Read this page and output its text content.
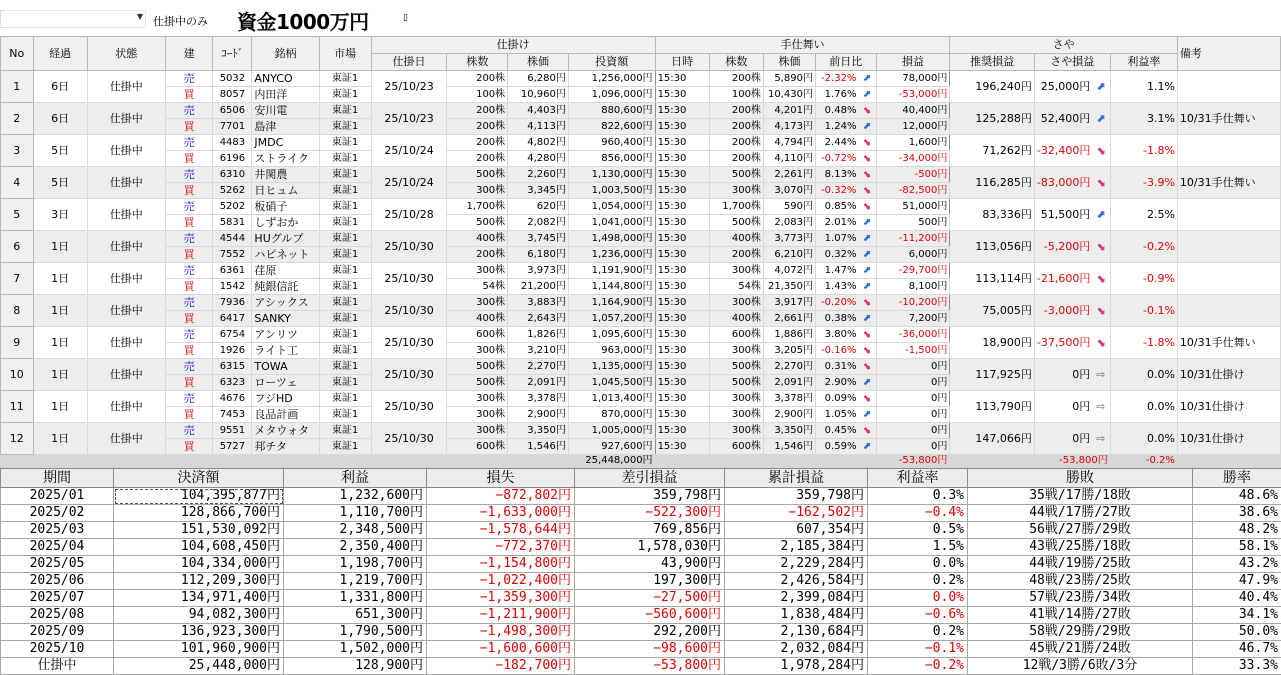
▼ 仕掛中のみ 資金1000万円	▯
No	経過	状態	建	ｺｰﾄﾞ	銘柄	市場	仕掛け				手仕舞い					さや			備考
							仕掛日	株数	株価	投資額	日時	株数	株価	前日比	損益	推奨損益	さや損益	利益率	
1	6日	仕掛中	売	5032	ANYCO	東証1	25/10/23	200株	6,280円	1,256,000円	15:30	200株	5,890円	-2.32% ⬈	78,000円	196,240円	25,000円 ⬈	1.1%	
			買	8057	内田洋	東証1		100株	10,960円	1,096,000円	15:30	100株	10,430円	1.76% ⬈	-53,000円				
2	6日	仕掛中	売	6506	安川電	東証1	25/10/23	200株	4,403円	880,600円	15:30	200株	4,201円	0.48% ⬊	40,400円	125,288円	52,400円 ⬈	3.1%	10/31手仕舞い
			買	7701	島津	東証1		200株	4,113円	822,600円	15:30	200株	4,173円	1.24% ⬈	12,000円				
3	5日	仕掛中	売	4483	JMDC	東証1	25/10/24	200株	4,802円	960,400円	15:30	200株	4,794円	2.44% ⬊	1,600円	71,262円	-32,400円 ⬊	-1.8%	
			買	6196	ストライク	東証1		200株	4,280円	856,000円	15:30	200株	4,110円	-0.72% ⬊	-34,000円				
4	5日	仕掛中	売	6310	井関農	東証1	25/10/24	500株	2,260円	1,130,000円	15:30	500株	2,261円	8.13% ⬊	-500円	116,285円	-83,000円 ⬊	-3.9%	10/31手仕舞い
			買	5262	日ヒュム	東証1		300株	3,345円	1,003,500円	15:30	300株	3,070円	-0.32% ⬊	-82,500円				
5	3日	仕掛中	売	5202	板硝子	東証1	25/10/28	1,700株	620円	1,054,000円	15:30	1,700株	590円	0.85% ⬊	51,000円	83,336円	51,500円 ⬈	2.5%	
			買	5831	しずおか	東証1		500株	2,082円	1,041,000円	15:30	500株	2,083円	2.01% ⬈	500円				
6	1日	仕掛中	売	4544	HUグルプ	東証1	25/10/30	400株	3,745円	1,498,000円	15:30	400株	3,773円	1.07% ⬈	-11,200円	113,056円	-5,200円 ⬊	-0.2%	
			買	7552	ハピネット	東証1		200株	6,180円	1,236,000円	15:30	200株	6,210円	0.32% ⬈	6,000円				
7	1日	仕掛中	売	6361	荏原	東証1	25/10/30	300株	3,973円	1,191,900円	15:30	300株	4,072円	1.47% ⬈	-29,700円	113,114円	-21,600円 ⬊	-0.9%	
			買	1542	純銀信託	東証1		54株	21,200円	1,144,800円	15:30	54株	21,350円	1.43% ⬈	8,100円				
8	1日	仕掛中	売	7936	アシックス	東証1	25/10/30	300株	3,883円	1,164,900円	15:30	300株	3,917円	-0.20% ⬊	-10,200円	75,005円	-3,000円 ⬊	-0.1%	
			買	6417	SANKY	東証1		400株	2,643円	1,057,200円	15:30	400株	2,661円	0.38% ⬈	7,200円				
9	1日	仕掛中	売	6754	アンリツ	東証1	25/10/30	600株	1,826円	1,095,600円	15:30	600株	1,886円	3.80% ⬊	-36,000円	18,900円	-37,500円 ⬊	-1.8%	10/31手仕舞い
			買	1926	ライト工	東証1		300株	3,210円	963,000円	15:30	300株	3,205円	-0.16% ⬊	-1,500円				
10	1日	仕掛中	売	6315	TOWA	東証1	25/10/30	500株	2,270円	1,135,000円	15:30	500株	2,270円	0.31% ⬊	0円	117,925円	0円 ⇨	0.0%	10/31仕掛け
			買	6323	ローツェ	東証1		500株	2,091円	1,045,500円	15:30	500株	2,091円	2.90% ⬈	0円				
11	1日	仕掛中	売	4676	フジHD	東証1	25/10/30	300株	3,378円	1,013,400円	15:30	300株	3,378円	0.09% ⬊	0円	113,790円	0円 ⇨	0.0%	10/31仕掛け
			買	7453	良品計画	東証1		300株	2,900円	870,000円	15:30	300株	2,900円	1.05% ⬈	0円				
12	1日	仕掛中	売	9551	メタウォタ	東証1	25/10/30	300株	3,350円	1,005,000円	15:30	300株	3,350円	0.45% ⬊	0円	147,066円	0円 ⇨	0.0%	10/31仕掛け
			買	5727	邦チタ	東証1		600株	1,546円	927,600円	15:30	600株	1,546円	0.59% ⬈	0円				
										25,448,000円					-53,800円		-53,800円	-0.2%	
期間	決済額	利益	損失	差引損益	累計損益	利益率	勝敗	勝率
2025/01	104,395,877円	1,232,600円	−872,802円	359,798円	359,798円	0.3%	35戦/17勝/18敗	48.6%
2025/02	128,866,700円	1,110,700円	−1,633,000円	−522,300円	−162,502円	−0.4%	44戦/17勝/27敗	38.6%
2025/03	151,530,092円	2,348,500円	−1,578,644円	769,856円	607,354円	0.5%	56戦/27勝/29敗	48.2%
2025/04	104,608,450円	2,350,400円	−772,370円	1,578,030円	2,185,384円	1.5%	43戦/25勝/18敗	58.1%
2025/05	104,334,000円	1,198,700円	−1,154,800円	43,900円	2,229,284円	0.0%	44戦/19勝/25敗	43.2%
2025/06	112,209,300円	1,219,700円	−1,022,400円	197,300円	2,426,584円	0.2%	48戦/23勝/25敗	47.9%
2025/07	134,971,400円	1,331,800円	−1,359,300円	−27,500円	2,399,084円	0.0%	57戦/23勝/34敗	40.4%
2025/08	94,082,300円	651,300円	−1,211,900円	−560,600円	1,838,484円	−0.6%	41戦/14勝/27敗	34.1%
2025/09	136,923,300円	1,790,500円	−1,498,300円	292,200円	2,130,684円	0.2%	58戦/29勝/29敗	50.0%
2025/10	101,960,900円	1,502,000円	−1,600,600円	−98,600円	2,032,084円	−0.1%	45戦/21勝/24敗	46.7%
仕掛中	25,448,000円	128,900円	−182,700円	−53,800円	1,978,284円	−0.2%	12戦/3勝/6敗/3分	33.3%
